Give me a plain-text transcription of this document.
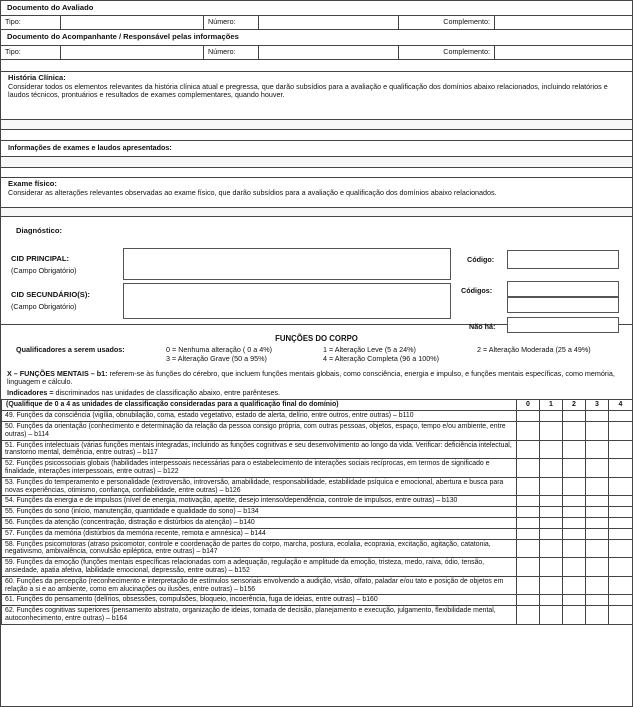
Documento do Avaliado
Tipo:	Número:	Complemento:
Documento do Acompanhante / Responsável pelas informações
Tipo:	Número:	Complemento:
História Clínica:
Considerar todos os elementos relevantes da história clínica atual e pregressa, que darão subsídios para a avaliação e qualificação dos domínios abaixo relacionados, incluindo relatórios e laudos técnicos, prontuários e resultados de exames complementares, quando houver.
Informações de exames e laudos apresentados:
Exame físico:
Considerar as alterações relevantes observadas ao exame físico, que darão subsídios para a avaliação e qualificação dos domínios abaixo relacionados.
Diagnóstico:
CID PRINCIPAL:
(Campo Obrigatório)
Código:
CID SECUNDÁRIO(S):
(Campo Obrigatório)
Códigos:
Não há:
FUNÇÕES DO CORPO
Qualificadores a serem usados:	0 = Nenhuma alteração ( 0 a 4%)	1 = Alteração Leve (5 a 24%)	2 = Alteração Moderada (25 a 49%)
3 = Alteração Grave (50 a 95%)	4 = Alteração Completa (96 a 100%)
X – FUNÇÕES MENTAIS – b1: referem-se às funções do cérebro, que incluem funções mentais globais, como consciência, energia e impulso, e funções mentais específicas, como memória, linguagem e cálculo.
Indicadores = discriminados nas unidades de classificação abaixo, entre parênteses.
(Qualifique de 0 a 4 as unidades de classificação consideradas para a qualificação final do domínio)	0	1	2	3	4
49. Funções da consciência (vigília, obnubilação, coma, estado vegetativo, estado de alerta, delírio, entre outros, entre outras) – b110					
50. Funções da orientação (conhecimento e determinação da relação da pessoa consigo própria, com outras pessoas, objetos, espaço, tempo e/ou ambiente, entre outras) – b114					
51. Funções intelectuais (várias funções mentais integradas, incluindo as funções cognitivas e seu desenvolvimento ao longo da vida. Verificar: deficiência intelectual, transtorno mental, demência, entre outras) – b117					
52. Funções psicossociais globais (habilidades interpessoais necessárias para o estabelecimento de interações sociais recíprocas, em termos de significado e finalidade, interações interpessoais, entre outras) – b122					
53. Funções do temperamento e personalidade (extroversão, introversão, amabilidade, responsabilidade, estabilidade psíquica e emocional, abertura e busca para novas experiências, otimismo, confiança, confiabilidade, entre outras) – b126					
54. Funções da energia e de impulsos (nível de energia, motivação, apetite, desejo intenso/dependência, controle de impulsos, entre outras) – b130					
55. Funções do sono (início, manutenção, quantidade e qualidade do sono) – b134					
56. Funções da atenção (concentração, distração e distúrbios da atenção) – b140					
57. Funções da memória (distúrbios da memória recente, remota e amnésica) – b144					
58. Funções psicomotoras (atraso psicomotor, controle e coordenação de partes do corpo, marcha, postura, ecolalia, ecopraxia, excitação, agitação, catatonia, negativismo, ambivalência, convulsão epiléptica, entre outras) – b147					
59. Funções da emoção (funções mentais específicas relacionadas com a adequação, regulação e amplitude da emoção, tristeza, medo, raiva, ódio, tensão, ansiedade, apatia afetiva, labilidade emocional, depressão, entre outras) – b152					
60. Funções da percepção (reconhecimento e interpretação de estímulos sensoriais envolvendo a audição, visão, olfato, paladar e/ou tato e posição de objetos em relação a si e ao ambiente, como em alucinações ou ilusões, entre outras) – b156					
61. Funções do pensamento (delírios, obsessões, compulsões, bloqueio, incoerência, fuga de ideias, entre outras) – b160					
62. Funções cognitivas superiores (pensamento abstrato, organização de ideias, tomada de decisão, planejamento e execução, julgamento, flexibilidade mental, autoconhecimento, entre outras) – b164					
